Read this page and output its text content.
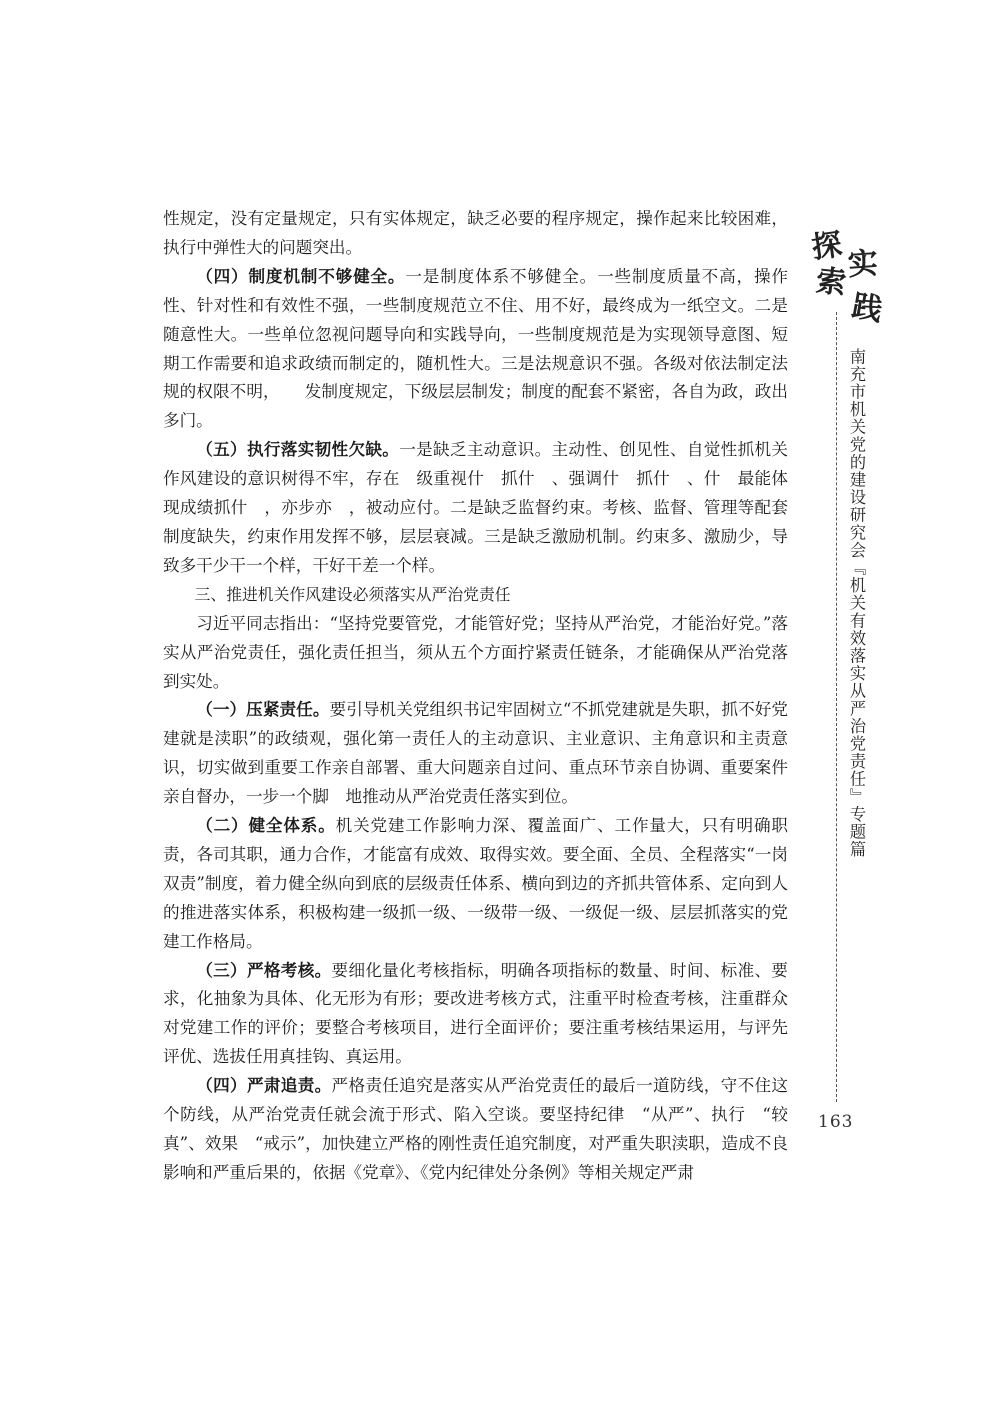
性规定，没有定量规定，只有实体规定，缺乏必要的程序规定，操作起来比较困难，执行中弹性大的问题突出。

（四）制度机制不够健全。一是制度体系不够健全。一些制度质量不高，操作性、针对性和有效性不强，一些制度规范立不住、用不好，最终成为一纸空文。二是随意性大。一些单位忽视问题导向和实践导向，一些制度规范是为实现领导意图、短期工作需要和追求政绩而制定的，随机性大。三是法规意识不强。各级对依法制定法规的权限不明，　　发制度规定，下级层层制发；制度的配套不紧密，各自为政，政出多门。

（五）执行落实韧性欠缺。一是缺乏主动意识。主动性、创见性、自觉性抓机关作风建设的意识树得不牢，存在　级重视什　抓什　、强调什　抓什　、什　最能体现成绩抓什　，亦步亦　，被动应付。二是缺乏监督约束。考核、监督、管理等配套制度缺失，约束作用发挥不够，层层衰减。三是缺乏激励机制。约束多、激励少，导致多干少干一个样，干好干差一个样。

三、推进机关作风建设必须落实从严治党责任

习近平同志指出：“坚持党要管党，才能管好党；坚持从严治党，才能治好党。”落实从严治党责任，强化责任担当，须从五个方面拧紧责任链条，才能确保从严治党落到实处。

（一）压紧责任。要引导机关党组织书记牢固树立“不抓党建就是失职，抓不好党建就是渎职”的政绩观，强化第一责任人的主动意识、主业意识、主角意识和主责意识，切实做到重要工作亲自部署、重大问题亲自过问、重点环节亲自协调、重要案件亲自督办，一步一个脚　地推动从严治党责任落实到位。

（二）健全体系。机关党建工作影响力深、覆盖面广、工作量大，只有明确职责，各司其职，通力合作，才能富有成效、取得实效。要全面、全员、全程落实“一岗双责”制度，着力健全纵向到底的层级责任体系、横向到边的齐抓共管体系、定向到人的推进落实体系，积极构建一级抓一级、一级带一级、一级促一级、层层抓落实的党建工作格局。

（三）严格考核。要细化量化考核指标，明确各项指标的数量、时间、标准、要求，化抽象为具体、化无形为有形；要改进考核方式，注重平时检查考核，注重群众对党建工作的评价；要整合考核项目，进行全面评价；要注重考核结果运用，与评先评优、选拔任用真挂钩、真运用。

（四）严肃追责。严格责任追究是落实从严治党责任的最后一道防线，守不住这个防线，从严治党责任就会流于形式、陷入空谈。要坚持纪律　“从严”、执行　“较真”、效果　“戒示”，加快建立严格的刚性责任追究制度，对严重失职渎职，造成不良影响和严重后果的，依据《党章》、《党内纪律处分条例》等相关规定严肃

探
索
实
践
南充市机关党的建设研究会『机关有效落实从严治党责任』专题篇
163
